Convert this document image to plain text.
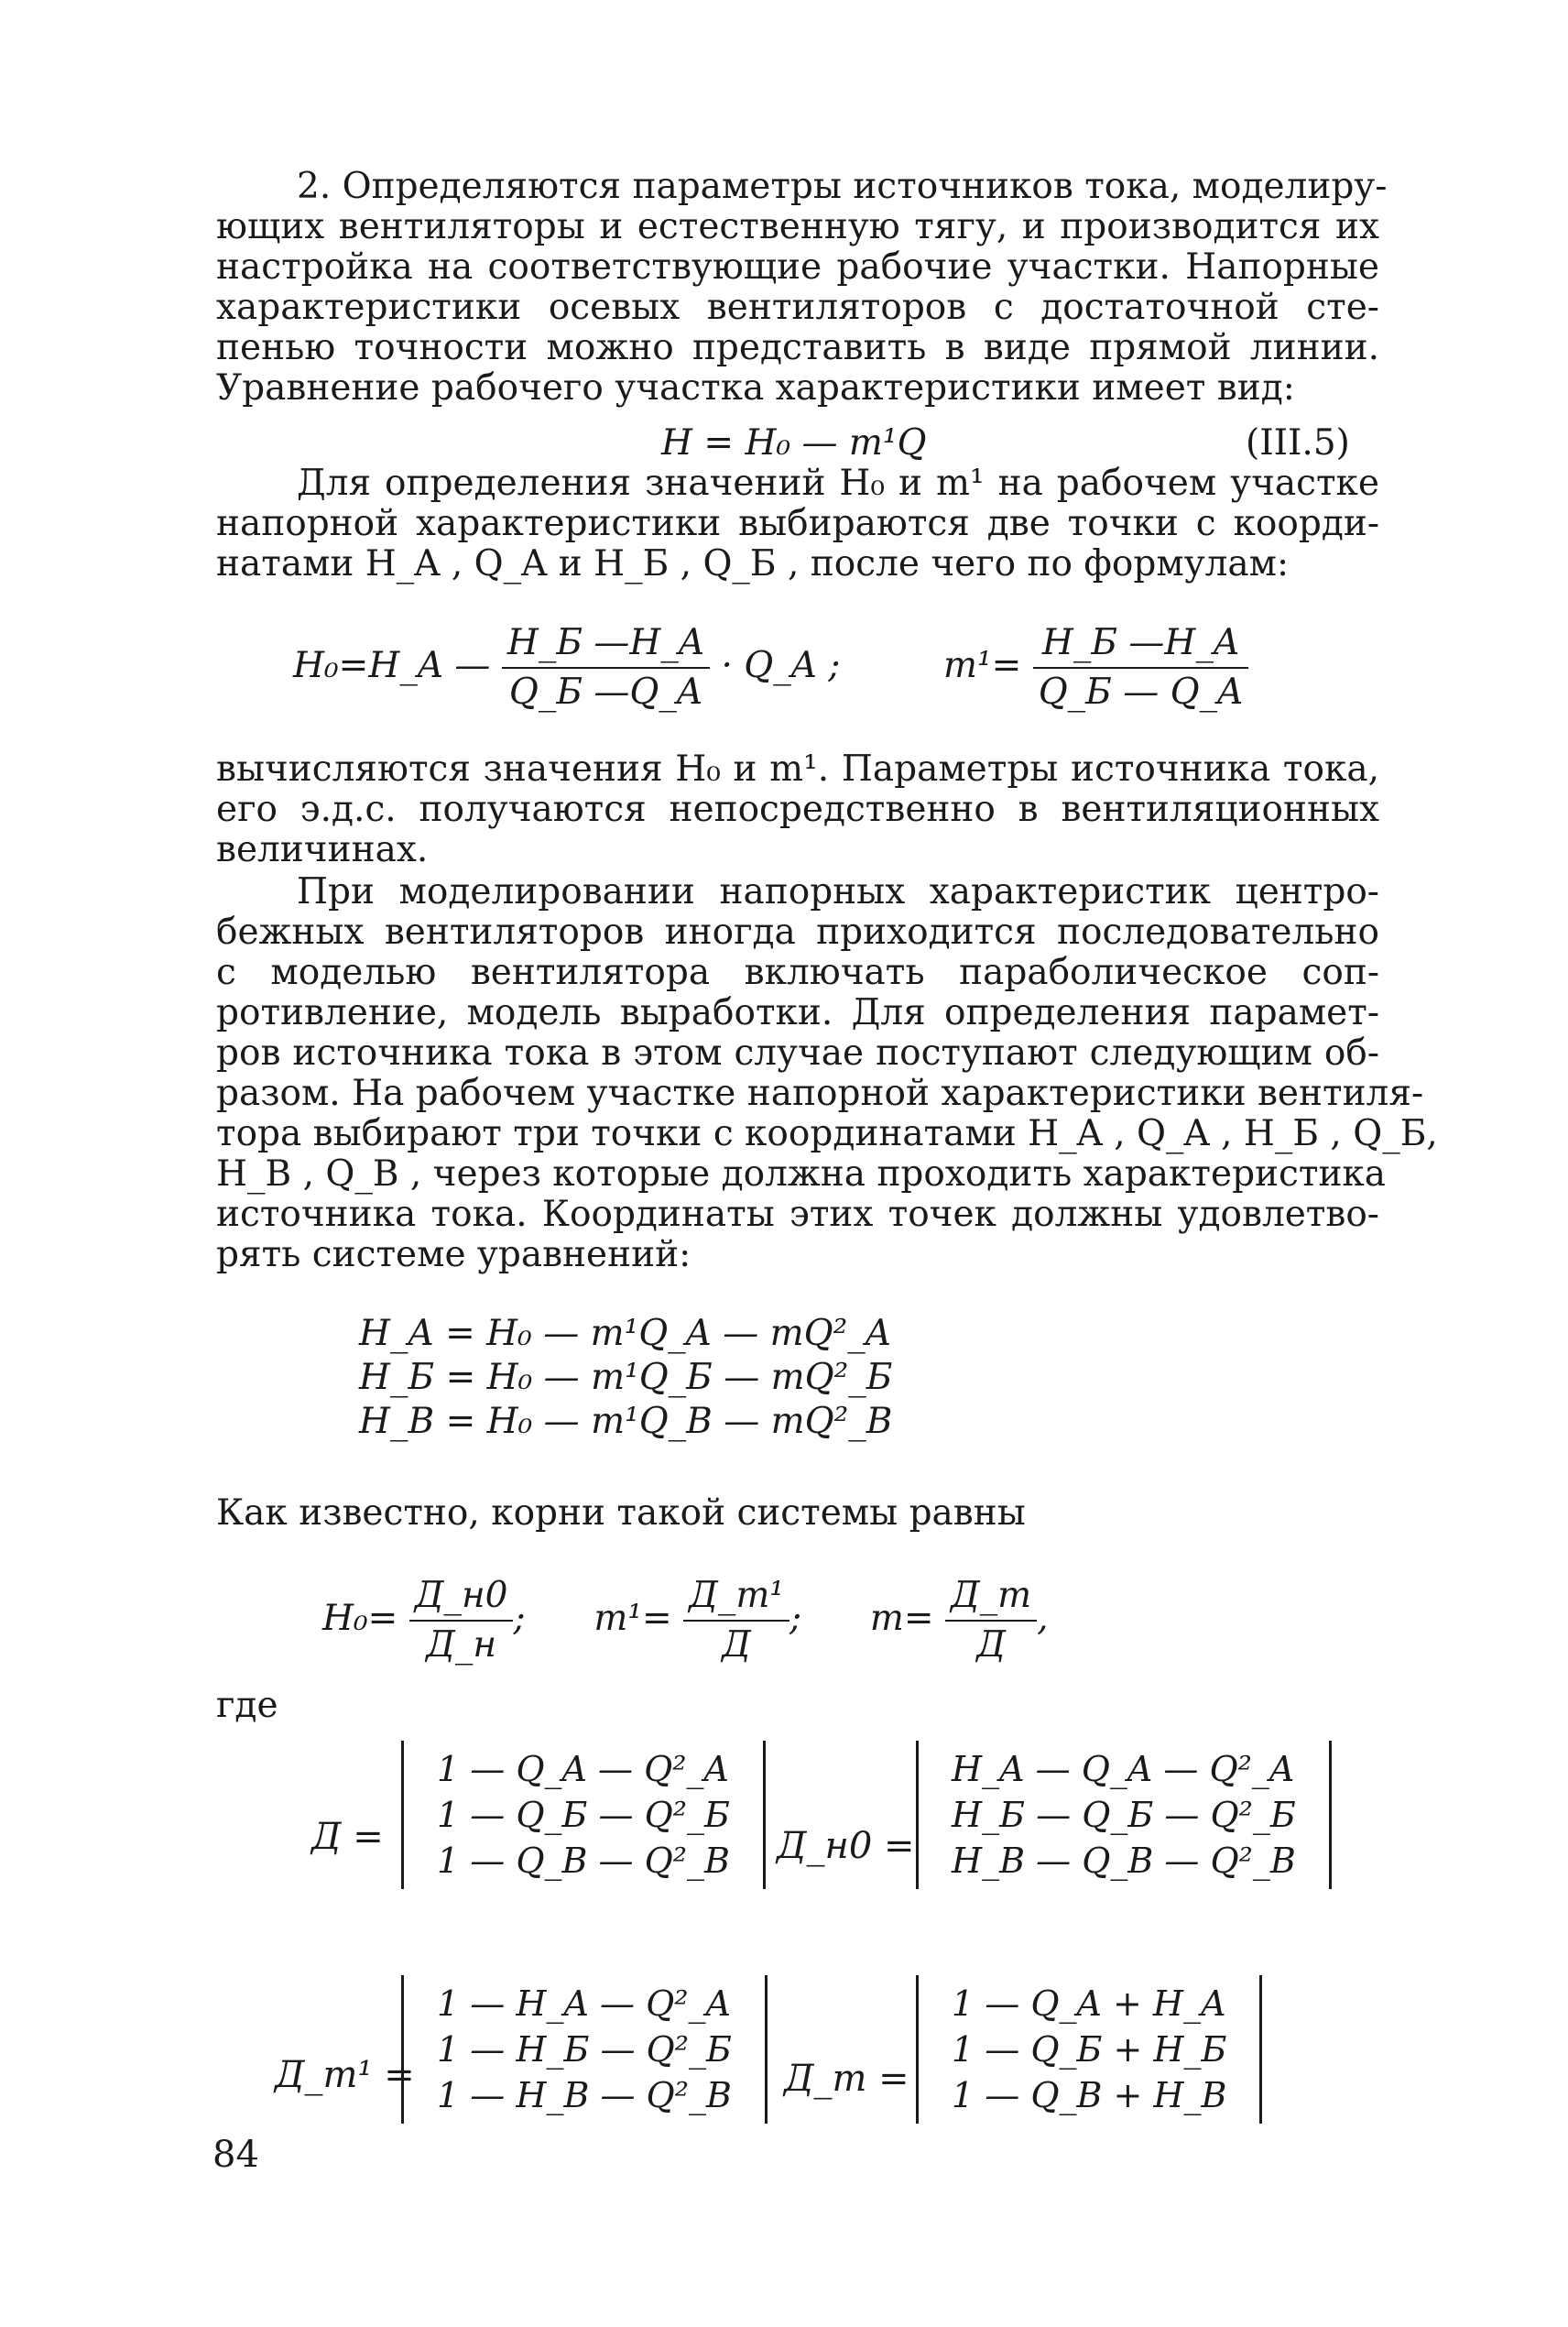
2. Определяются параметры источников тока, моделиру-
ющих вентиляторы и естественную тягу, и производится их
настройка на соответствующие рабочие участки. Напорные
характеристики осевых вентиляторов с достаточной сте-
пенью точности можно представить в виде прямой линии.
Уравнение рабочего участка характеристики имеет вид:
H = H₀ — m¹Q	(III.5)
Для определения значений H₀ и m¹ на рабочем участке
напорной характеристики выбираются две точки с коорди-
натами H_A , Q_A и H_Б , Q_Б , после чего по формулам:
H₀=H_A — $\frac{H\_Б —H\_A}{Q\_Б —Q\_A}$ · Q_A ;	$m^1= \frac{H\_Б —H\_A}{Q\_Б — Q\_A}$
вычисляются значения H₀ и m¹. Параметры источника тока,
его э.д.с. получаются непосредственно в вентиляционных
величинах.
При моделировании напорных характеристик центро-
бежных вентиляторов иногда приходится последовательно
с моделью вентилятора включать параболическое соп-
ротивление, модель выработки. Для определения парамет-
ров источника тока в этом случае поступают следующим об-
разом. На рабочем участке напорной характеристики вентиля-
тора выбирают три точки с координатами H_A , Q_A , H_Б , Q_Б,
H_В , Q_В , через которые должна проходить характеристика
источника тока. Координаты этих точек должны удовлетво-
рять системе уравнений:
H_A = H₀ — m¹Q_A — mQ²_A
H_Б = H₀ — m¹Q_Б — mQ²_Б
H_В = H₀ — m¹Q_В — mQ²_В
Как известно, корни такой системы равны
$H_0= \frac{Д\_н0}{Д\_н}$ ; $m^1= \frac{\text{Д\_m¹}}{Д}$ ; $m= \frac{Д\_m}{Д}$ ,
где
Д =
1 — Q_A — Q²_A
1 — Q_Б — Q²_Б
1 — Q_В — Q²_В Д_н0 =
H_A — Q_A — Q²_A
H_Б — Q_Б — Q²_Б
H_В — Q_В — Q²_В
Д_m¹ =
1 — H_A — Q²_A
1 — H_Б — Q²_Б
1 — H_В — Q²_В Д_m =
1 — Q_A + H_A
1 — Q_Б + H_Б
1 — Q_В + H_В
84
